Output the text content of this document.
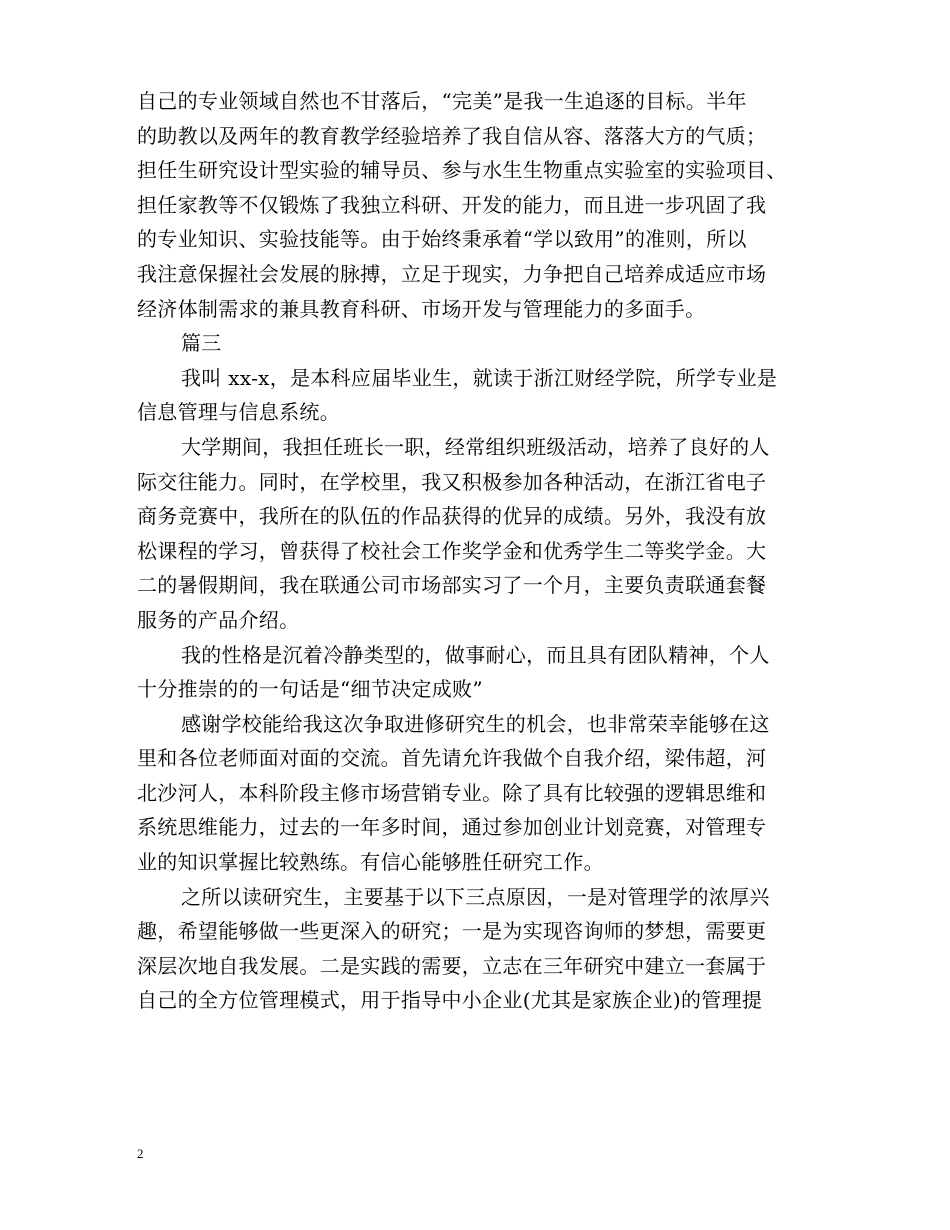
自己的专业领域自然也不甘落后，“完美”是我一生追逐的目标。半年
的助教以及两年的教育教学经验培养了我自信从容、落落大方的气质；
担任生研究设计型实验的辅导员、参与水生生物重点实验室的实验项目、
担任家教等不仅锻炼了我独立科研、开发的能力，而且进一步巩固了我
的专业知识、实验技能等。由于始终秉承着“学以致用”的准则，所以
我注意保握社会发展的脉搏，立足于现实，力争把自己培养成适应市场
经济体制需求的兼具教育科研、市场开发与管理能力的多面手。
篇三
我叫 xx-x，是本科应届毕业生，就读于浙江财经学院，所学专业是
信息管理与信息系统。
大学期间，我担任班长一职，经常组织班级活动，培养了良好的人
际交往能力。同时，在学校里，我又积极参加各种活动，在浙江省电子
商务竞赛中，我所在的队伍的作品获得的优异的成绩。另外，我没有放
松课程的学习，曾获得了校社会工作奖学金和优秀学生二等奖学金。大
二的暑假期间，我在联通公司市场部实习了一个月，主要负责联通套餐
服务的产品介绍。
我的性格是沉着冷静类型的，做事耐心，而且具有团队精神，个人
十分推崇的的一句话是“细节决定成败”
感谢学校能给我这次争取进修研究生的机会，也非常荣幸能够在这
里和各位老师面对面的交流。首先请允许我做个自我介绍，梁伟超，河
北沙河人，本科阶段主修市场营销专业。除了具有比较强的逻辑思维和
系统思维能力，过去的一年多时间，通过参加创业计划竞赛，对管理专
业的知识掌握比较熟练。有信心能够胜任研究工作。
之所以读研究生，主要基于以下三点原因，一是对管理学的浓厚兴
趣，希望能够做一些更深入的研究；一是为实现咨询师的梦想，需要更
深层次地自我发展。二是实践的需要，立志在三年研究中建立一套属于
自己的全方位管理模式，用于指导中小企业(尤其是家族企业)的管理提
2
